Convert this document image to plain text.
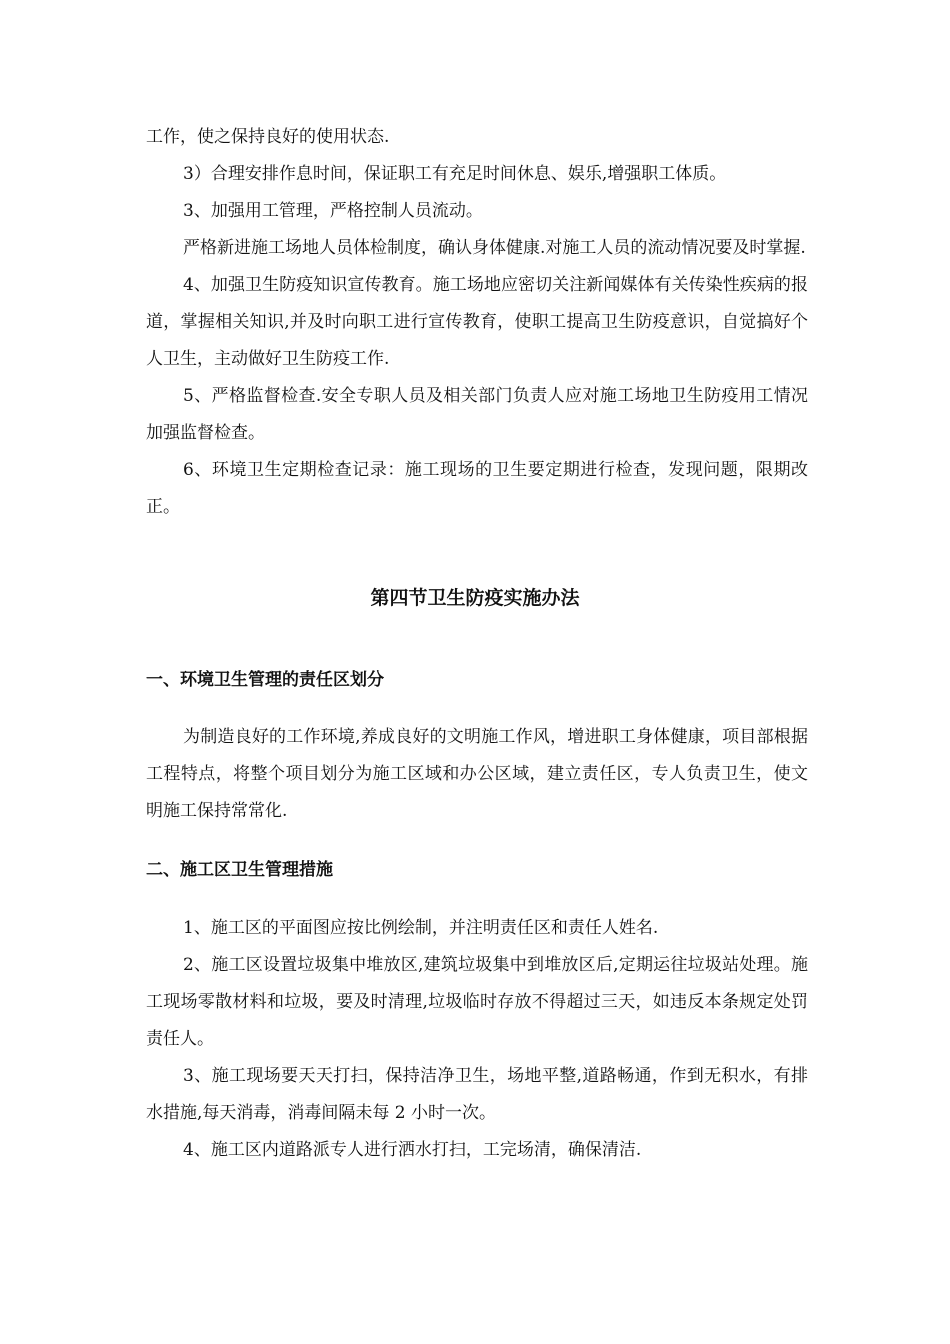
工作，使之保持良好的使用状态.

3）合理安排作息时间，保证职工有充足时间休息、娱乐,增强职工体质。

3、加强用工管理，严格控制人员流动。

严格新进施工场地人员体检制度，确认身体健康.对施工人员的流动情况要及时掌握.

4、加强卫生防疫知识宣传教育。施工场地应密切关注新闻媒体有关传染性疾病的报道，掌握相关知识,并及时向职工进行宣传教育，使职工提高卫生防疫意识，自觉搞好个人卫生，主动做好卫生防疫工作.

5、严格监督检查.安全专职人员及相关部门负责人应对施工场地卫生防疫用工情况加强监督检查。

6、环境卫生定期检查记录：施工现场的卫生要定期进行检查，发现问题，限期改正。

第四节卫生防疫实施办法
一、环境卫生管理的责任区划分

为制造良好的工作环境,养成良好的文明施工作风，增进职工身体健康，项目部根据工程特点，将整个项目划分为施工区域和办公区域，建立责任区，专人负责卫生，使文明施工保持常常化.

二、施工区卫生管理措施

1、施工区的平面图应按比例绘制，并注明责任区和责任人姓名.

2、施工区设置垃圾集中堆放区,建筑垃圾集中到堆放区后,定期运往垃圾站处理。施工现场零散材料和垃圾，要及时清理,垃圾临时存放不得超过三天，如违反本条规定处罚责任人。

3、施工现场要天天打扫，保持洁净卫生，场地平整,道路畅通，作到无积水，有排水措施,每天消毒，消毒间隔未每 2 小时一次。

4、施工区内道路派专人进行洒水打扫，工完场清，确保清洁.
